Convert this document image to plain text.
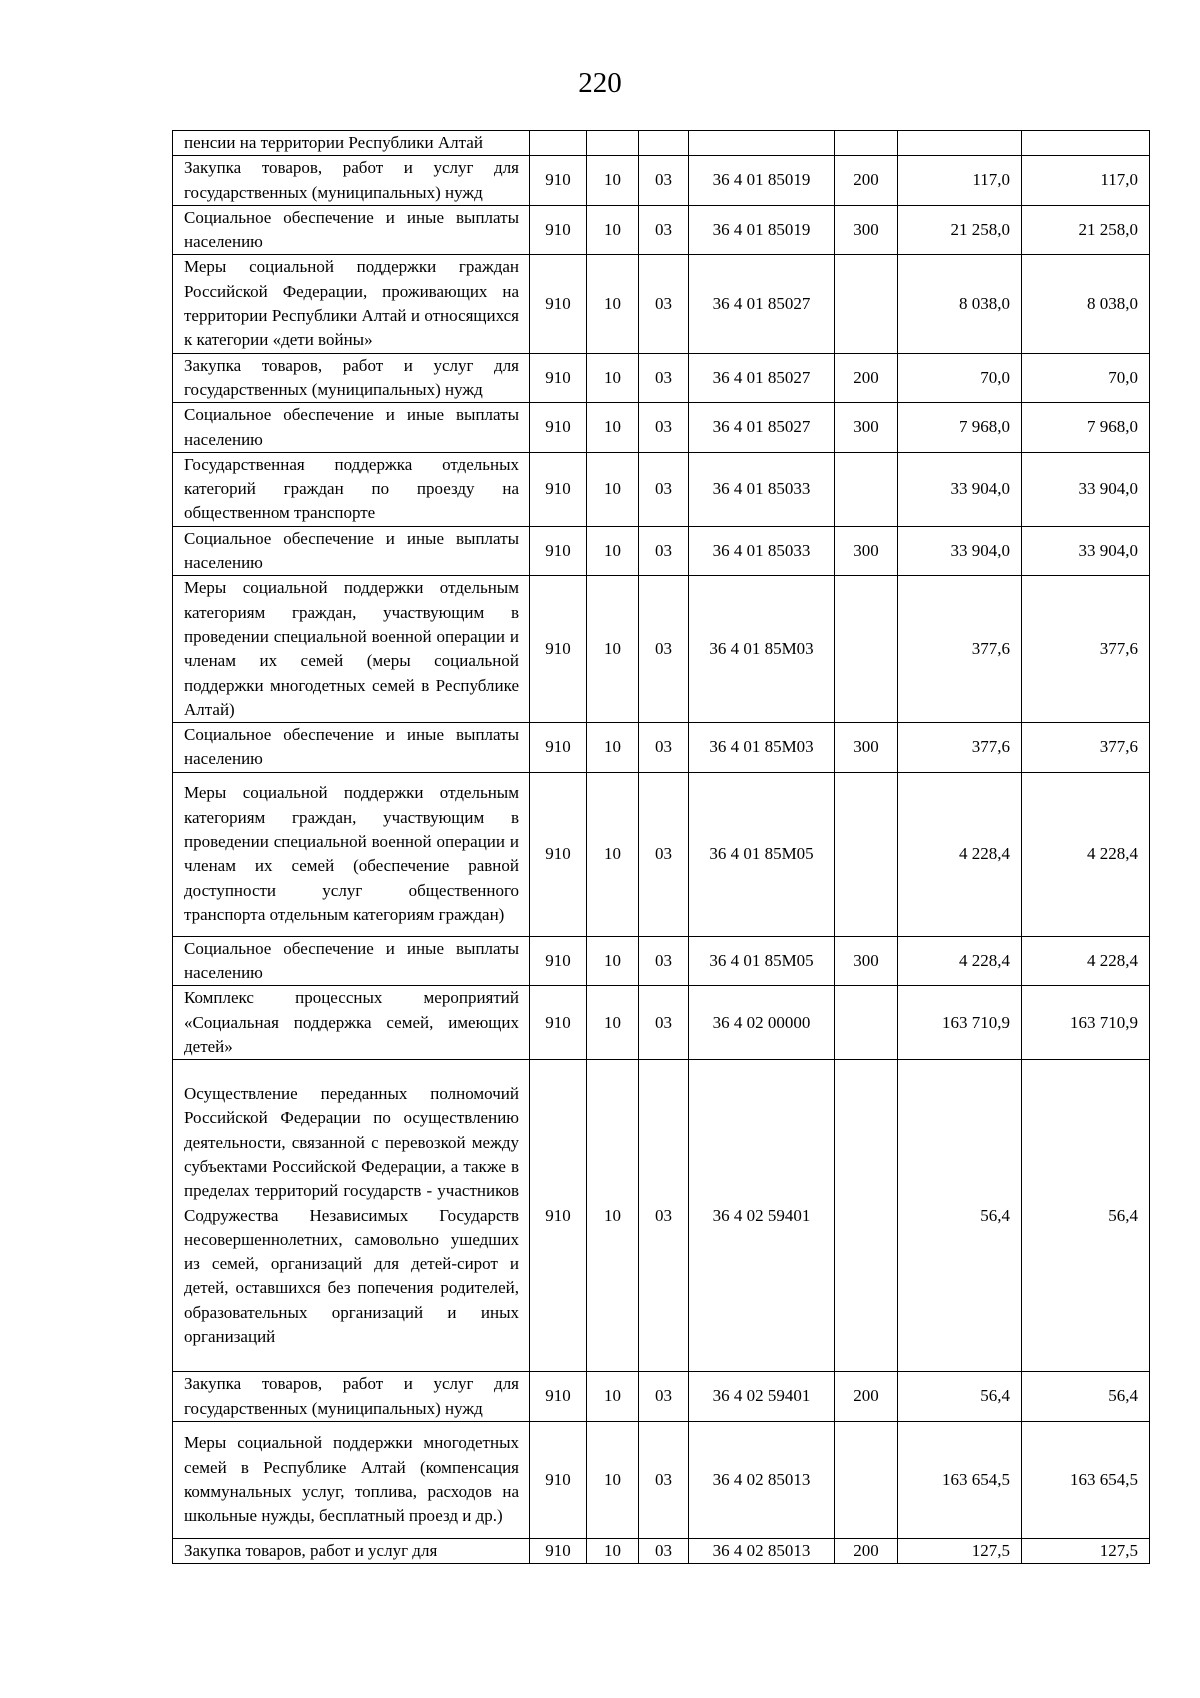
220
пенсии на территории Республики Алтай							
Закупка товаров, работ и услуг для государственных (муниципальных) нужд	910	10	03	36 4 01 85019	200	117,0	117,0
Социальное обеспечение и иные выплаты населению	910	10	03	36 4 01 85019	300	21 258,0	21 258,0
Меры социальной поддержки граждан Российской Федерации, проживающих на территории Республики Алтай и относящихся к категории «дети войны»	910	10	03	36 4 01 85027		8 038,0	8 038,0
Закупка товаров, работ и услуг для государственных (муниципальных) нужд	910	10	03	36 4 01 85027	200	70,0	70,0
Социальное обеспечение и иные выплаты населению	910	10	03	36 4 01 85027	300	7 968,0	7 968,0
Государственная поддержка отдельных категорий граждан по проезду на общественном транспорте	910	10	03	36 4 01 85033		33 904,0	33 904,0
Социальное обеспечение и иные выплаты населению	910	10	03	36 4 01 85033	300	33 904,0	33 904,0
Меры социальной поддержки отдельным категориям граждан, участвующим в проведении специальной военной операции и членам их семей (меры социальной поддержки многодетных семей в Республике Алтай)	910	10	03	36 4 01 85М03		377,6	377,6
Социальное обеспечение и иные выплаты населению	910	10	03	36 4 01 85М03	300	377,6	377,6
Меры социальной поддержки отдельным категориям граждан, участвующим в проведении специальной военной операции и членам их семей (обеспечение равной доступности услуг общественного транспорта отдельным категориям граждан)	910	10	03	36 4 01 85М05		4 228,4	4 228,4
Социальное обеспечение и иные выплаты населению	910	10	03	36 4 01 85М05	300	4 228,4	4 228,4
Комплекс процессных мероприятий «Социальная поддержка семей, имеющих детей»	910	10	03	36 4 02 00000		163 710,9	163 710,9
Осуществление переданных полномочий Российской Федерации по осуществлению деятельности, связанной с перевозкой между субъектами Российской Федерации, а также в пределах территорий государств - участников Содружества Независимых Государств несовершеннолетних, самовольно ушедших из семей, организаций для детей-сирот и детей, оставшихся без попечения родителей, образовательных организаций и иных организаций	910	10	03	36 4 02 59401		56,4	56,4
Закупка товаров, работ и услуг для государственных (муниципальных) нужд	910	10	03	36 4 02 59401	200	56,4	56,4
Меры социальной поддержки многодетных семей в Республике Алтай (компенсация коммунальных услуг, топлива, расходов на школьные нужды, бесплатный проезд и др.)	910	10	03	36 4 02 85013		163 654,5	163 654,5
Закупка товаров, работ и услуг для	910	10	03	36 4 02 85013	200	127,5	127,5
